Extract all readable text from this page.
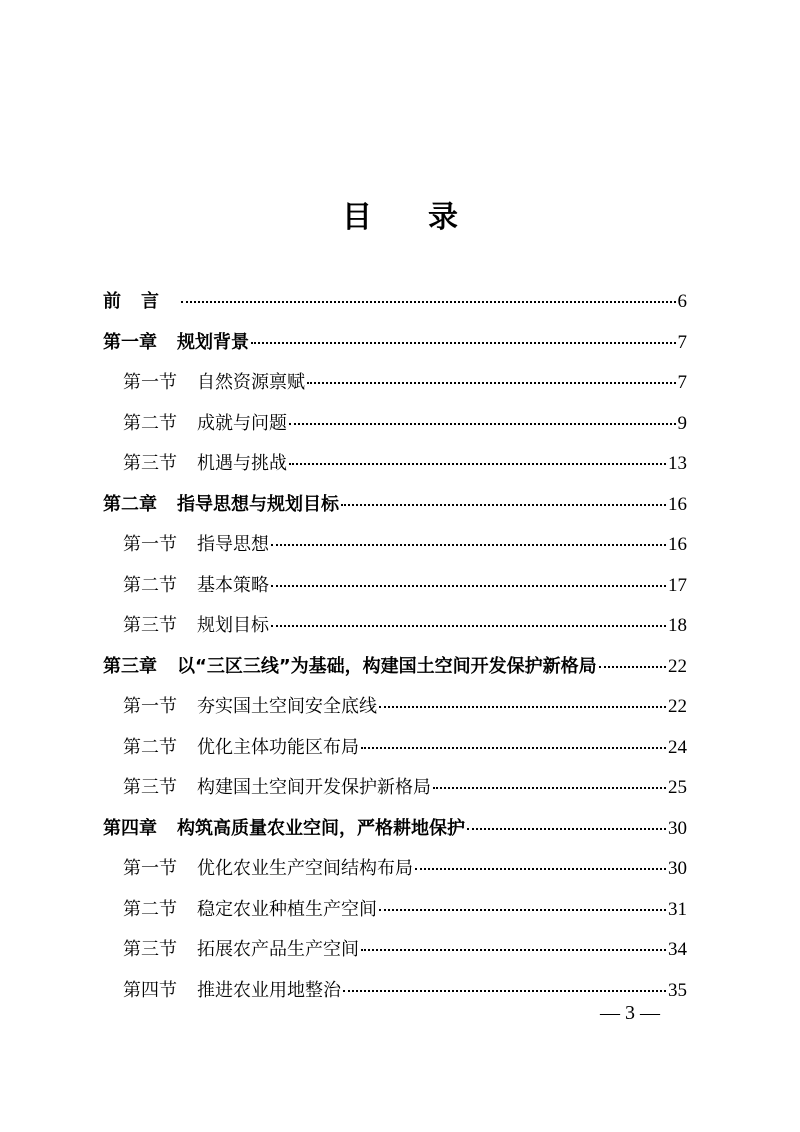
目录
前言	6
第一章 规划背景	7
第一节 自然资源禀赋	7
第二节 成就与问题	9
第三节 机遇与挑战	13
第二章 指导思想与规划目标	16
第一节 指导思想	16
第二节 基本策略	17
第三节 规划目标	18
第三章 以“三区三线”为基础，构建国土空间开发保护新格局	22
第一节 夯实国土空间安全底线	22
第二节 优化主体功能区布局	24
第三节 构建国土空间开发保护新格局	25
第四章 构筑高质量农业空间，严格耕地保护	30
第一节 优化农业生产空间结构布局	30
第二节 稳定农业种植生产空间	31
第三节 拓展农产品生产空间	34
第四节 推进农业用地整治	35
— 3 —
